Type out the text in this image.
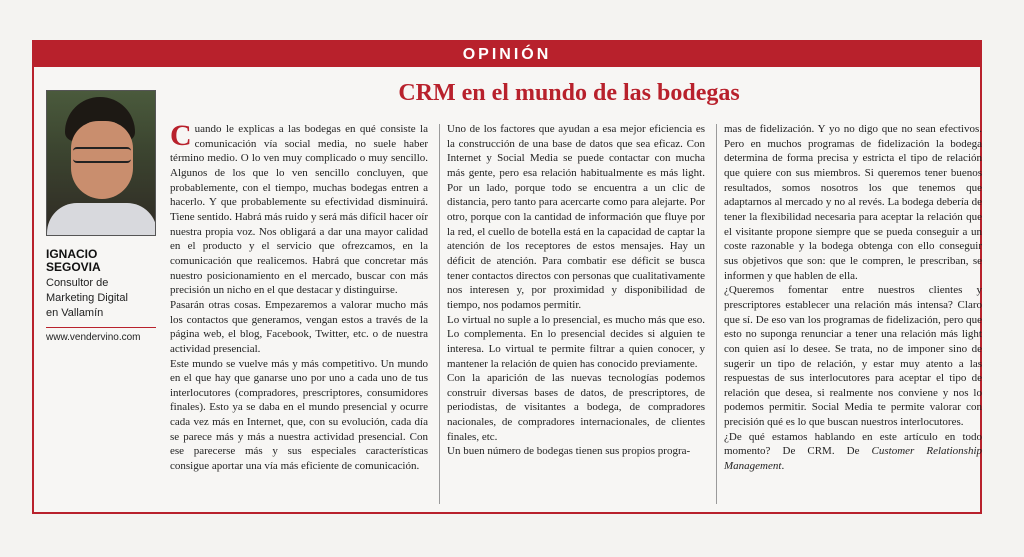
OPINIÓN
IGNACIO
SEGOVIA
Consultor de
Marketing Digital
en Vallamín
www.vendervino.com
CRM en el mundo de las bodegas

Cuando le explicas a las bodegas en qué consiste la comunicación vía social media, no suele haber término medio. O lo ven muy complicado o muy sencillo. Algunos de los que lo ven sencillo concluyen, que probablemente, con el tiempo, muchas bodegas entren a hacerlo. Y que probablemente su efectividad disminuirá. Tiene sentido. Habrá más ruido y será más difícil hacer oír nuestra propia voz. Nos obligará a dar una mayor calidad en el producto y el servicio que ofrezcamos, en la comunicación que realicemos. Habrá que concretar más nuestro posicionamiento en el mercado, buscar con más precisión un nicho en el que destacar y distinguirse.

Pasarán otras cosas. Empezaremos a valorar mucho más los contactos que generamos, vengan estos a través de la página web, el blog, Facebook, Twitter, etc. o de nuestra actividad presencial.

Este mundo se vuelve más y más competitivo. Un mundo en el que hay que ganarse uno por uno a cada uno de tus interlocutores (compradores, prescriptores, consumidores finales). Esto ya se daba en el mundo presencial y ocurre cada vez más en Internet, que, con su evolución, cada día se parece más y más a nuestra actividad presencial. Con ese parecerse más y sus especiales características consigue aportar una vía más eficiente de comunicación.

Uno de los factores que ayudan a esa mejor eficiencia es la construcción de una base de datos que sea eficaz. Con Internet y Social Media se puede contactar con mucha más gente, pero esa relación habitualmente es más light. Por un lado, porque todo se encuentra a un clic de distancia, pero tanto para acercarte como para alejarte. Por otro, porque con la cantidad de información que fluye por la red, el cuello de botella está en la capacidad de captar la atención de los receptores de estos mensajes. Hay un déficit de atención. Para combatir ese déficit se busca tener contactos directos con personas que cualitativamente nos interesen y, por proximidad y disponibilidad de tiempo, nos podamos permitir.

Lo virtual no suple a lo presencial, es mucho más que eso. Lo complementa. En lo presencial decides si alguien te interesa. Lo virtual te permite filtrar a quien conocer, y mantener la relación de quien has conocido previamente.

Con la aparición de las nuevas tecnologías podemos construir diversas bases de datos, de prescriptores, de periodistas, de visitantes a bodega, de compradores nacionales, de compradores internacionales, de clientes finales, etc.

Un buen número de bodegas tienen sus propios progra-

mas de fidelización. Y yo no digo que no sean efectivos. Pero en muchos programas de fidelización la bodega determina de forma precisa y estricta el tipo de relación que quiere con sus miembros. Si queremos tener buenos resultados, somos nosotros los que tenemos que adaptarnos al mercado y no al revés. La bodega debería de tener la flexibilidad necesaria para aceptar la relación que el visitante propone siempre que se pueda conseguir a un coste razonable y la bodega obtenga con ello conseguir sus objetivos que son: que le compren, le prescriban, se informen y que hablen de ella.

¿Queremos fomentar entre nuestros clientes y prescriptores establecer una relación más intensa? Claro que sí. De eso van los programas de fidelización, pero que esto no suponga renunciar a tener una relación más light con quien así lo desee. Se trata, no de imponer sino de sugerir un tipo de relación, y estar muy atento a las respuestas de sus interlocutores para aceptar el tipo de relación que desea, si realmente nos conviene y nos lo podemos permitir. Social Media te permite valorar con precisión qué es lo que buscan nuestros interlocutores.

¿De qué estamos hablando en este artículo en todo momento? De CRM. De Customer Relationship Management.
